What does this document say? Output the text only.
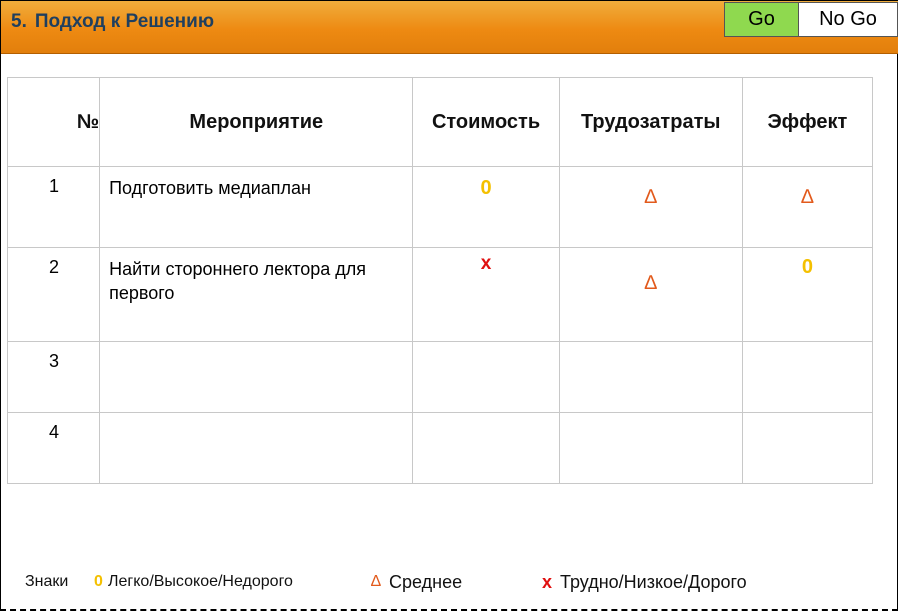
5. Подход к Решению	Go	No Go
№	Мероприятие	Стоимость	Трудозатраты	Эффект
1	Подготовить медиаплан	0	∆	∆
2	Найти стороннего лектора для первого	x	∆	0
3				
4				
Знаки 0 Легко/Высокое/Недорого	∆ Среднее	x Трудно/Низкое/Дорого
